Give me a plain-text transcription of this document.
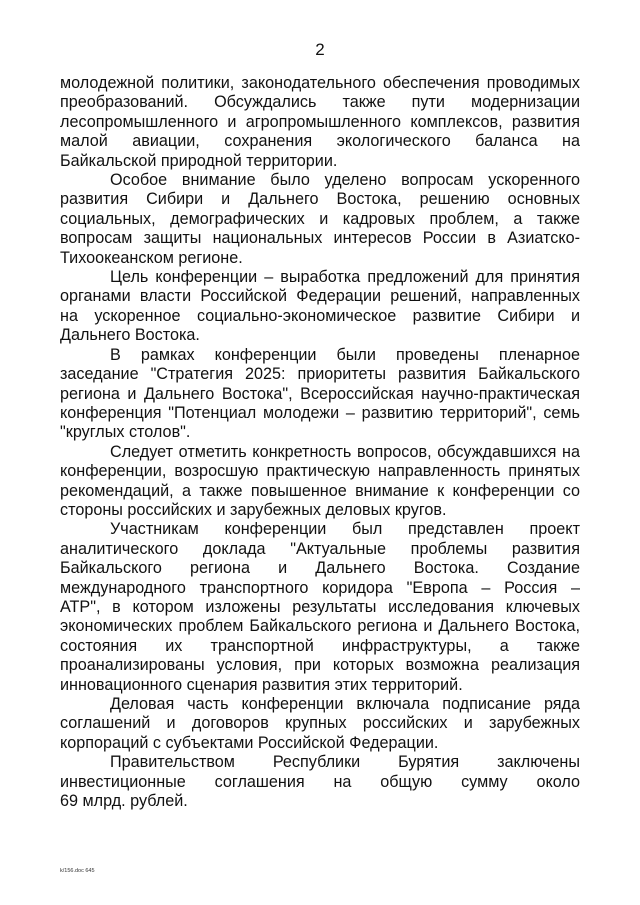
2
молодежной политики, законодательного обеспечения проводимых
преобразований. Обсуждались также пути модернизации
лесопромышленного и агропромышленного комплексов, развития
малой авиации, сохранения экологического баланса на
Байкальской природной территории.
Особое внимание было уделено вопросам ускоренного
развития Сибири и Дальнего Востока, решению основных
социальных, демографических и кадровых проблем, а также
вопросам защиты национальных интересов России в Азиатско-
Тихоокеанском регионе.
Цель конференции – выработка предложений для принятия
органами власти Российской Федерации решений, направленных
на ускоренное социально-экономическое развитие Сибири и
Дальнего Востока.
В рамках конференции были проведены пленарное
заседание "Стратегия 2025: приоритеты развития Байкальского
региона и Дальнего Востока", Всероссийская научно-практическая
конференция "Потенциал молодежи – развитию территорий", семь
"круглых столов".
Следует отметить конкретность вопросов, обсуждавшихся на
конференции, возросшую практическую направленность принятых
рекомендаций, а также повышенное внимание к конференции со
стороны российских и зарубежных деловых кругов.
Участникам конференции был представлен проект
аналитического доклада "Актуальные проблемы развития
Байкальского региона и Дальнего Востока. Создание
международного транспортного коридора "Европа – Россия –
АТР", в котором изложены результаты исследования ключевых
экономических проблем Байкальского региона и Дальнего Востока,
состояния их транспортной инфраструктуры, а также
проанализированы условия, при которых возможна реализация
инновационного сценария развития этих территорий.
Деловая часть конференции включала подписание ряда
соглашений и договоров крупных российских и зарубежных
корпораций с субъектами Российской Федерации.
Правительством Республики Бурятия заключены
инвестиционные соглашения на общую сумму около
69 млрд. рублей.
k/156.doc 645
